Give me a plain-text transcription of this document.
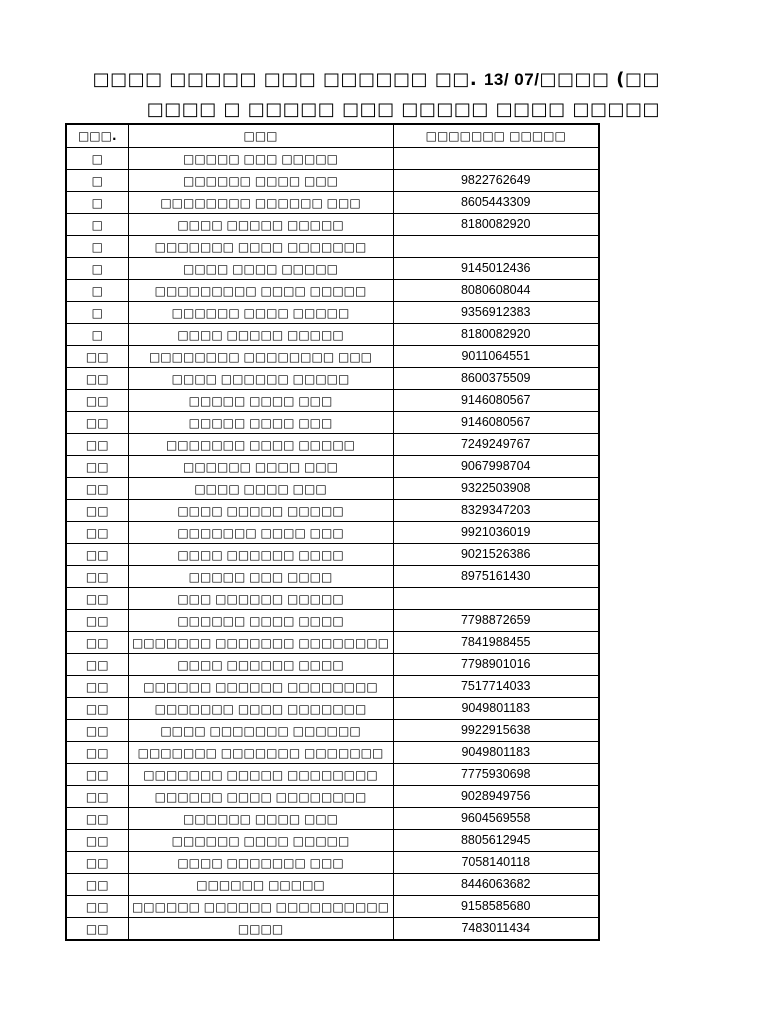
□□□□ □□□□□ □□□ □□□□□□ □□. 13/ 07/□□□□ (□□
□□□□ □ □□□□□ □□□ □□□□□ □□□□ □□□□□
□□□.	□□□	□□□□□□□ □□□□□
□	□□□□□ □□□ □□□□□	
□	□□□□□□ □□□□ □□□	9822762649
□	□□□□□□□□ □□□□□□ □□□	8605443309
□	□□□□ □□□□□ □□□□□	8180082920
□	□□□□□□□ □□□□ □□□□□□□	
□	□□□□ □□□□ □□□□□	9145012436
□	□□□□□□□□□ □□□□ □□□□□	8080608044
□	□□□□□□ □□□□ □□□□□	9356912383
□	□□□□ □□□□□ □□□□□	8180082920
□□	□□□□□□□□ □□□□□□□□ □□□	9011064551
□□	□□□□ □□□□□□ □□□□□	8600375509
□□	□□□□□ □□□□ □□□	9146080567
□□	□□□□□ □□□□ □□□	9146080567
□□	□□□□□□□ □□□□ □□□□□	7249249767
□□	□□□□□□ □□□□ □□□	9067998704
□□	□□□□ □□□□ □□□	9322503908
□□	□□□□ □□□□□ □□□□□	8329347203
□□	□□□□□□□ □□□□ □□□	9921036019
□□	□□□□ □□□□□□ □□□□	9021526386
□□	□□□□□ □□□ □□□□	8975161430
□□	□□□ □□□□□□ □□□□□	
□□	□□□□□□ □□□□ □□□□	7798872659
□□	□□□□□□□ □□□□□□□ □□□□□□□□	7841988455
□□	□□□□ □□□□□□ □□□□	7798901016
□□	□□□□□□ □□□□□□ □□□□□□□□	7517714033
□□	□□□□□□□ □□□□ □□□□□□□	9049801183
□□	□□□□ □□□□□□□ □□□□□□	9922915638
□□	□□□□□□□ □□□□□□□ □□□□□□□	9049801183
□□	□□□□□□□ □□□□□ □□□□□□□□	7775930698
□□	□□□□□□ □□□□ □□□□□□□□	9028949756
□□	□□□□□□ □□□□ □□□	9604569558
□□	□□□□□□ □□□□ □□□□□	8805612945
□□	□□□□ □□□□□□□ □□□	7058140118
□□	□□□□□□ □□□□□	8446063682
□□	□□□□□□ □□□□□□ □□□□□□□□□□	9158585680
□□	□□□□	7483011434
